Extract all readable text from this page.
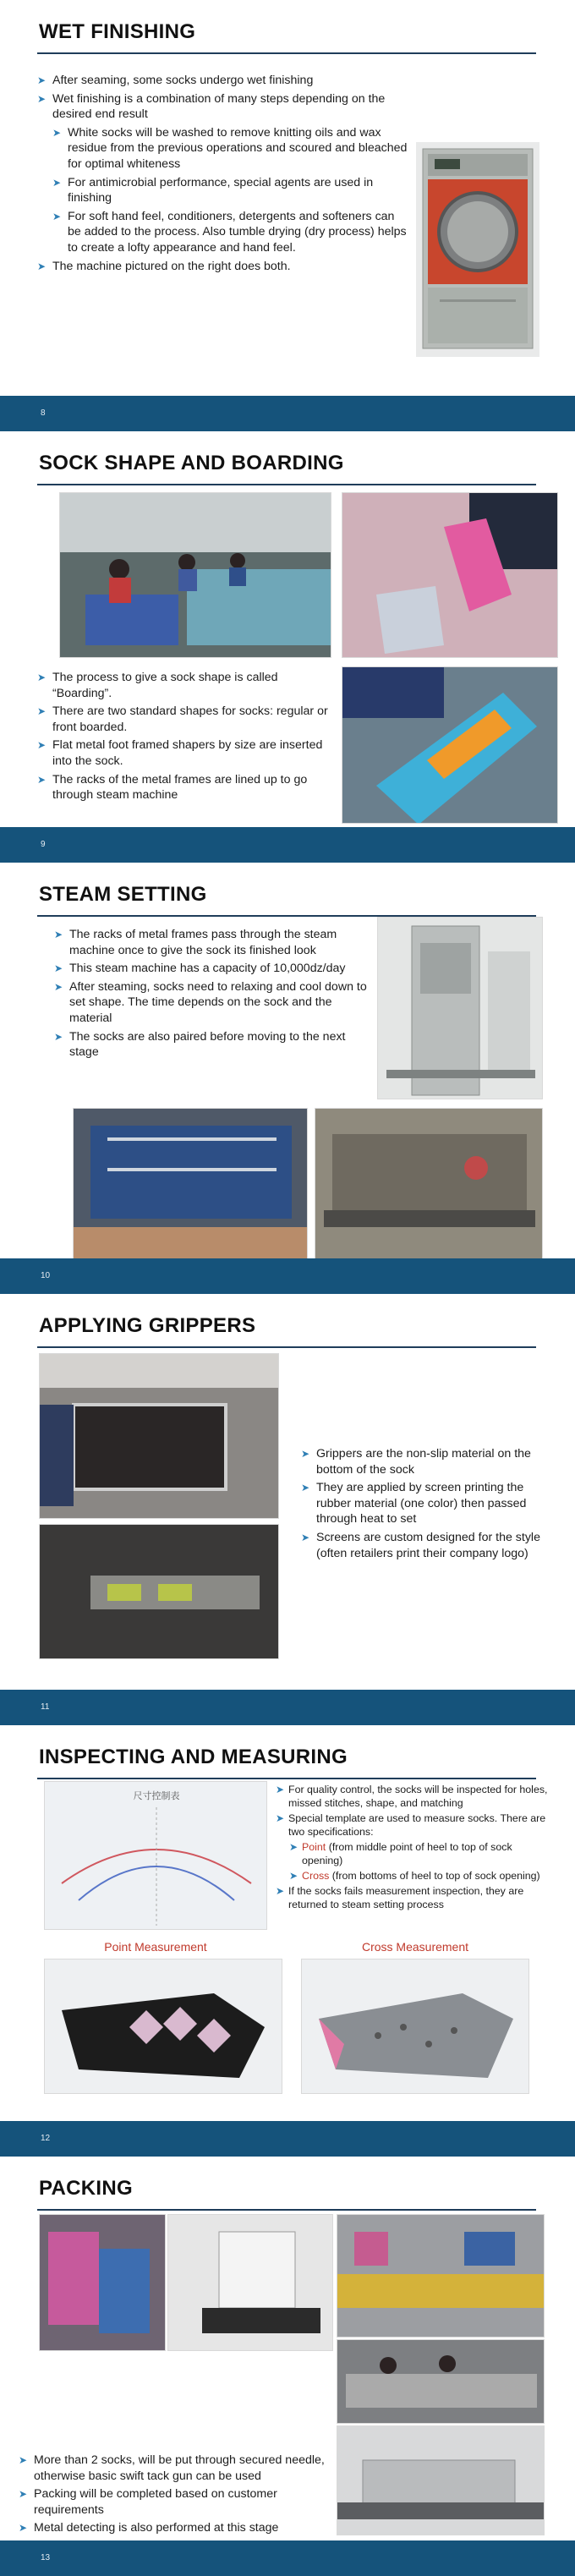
WET FINISHING
➤ After seaming, some socks undergo wet finishing
➤ Wet finishing is a combination of many steps depending on the desired end result
➤ White socks will be washed to remove knitting oils and wax residue from the previous operations and scoured and bleached for optimal whiteness
➤ For antimicrobial performance, special agents are used in finishing
➤ For soft hand feel, conditioners, detergents and softeners can be added to the process. Also tumble drying (dry process) helps to create a lofty appearance and hand feel.
➤ The machine pictured on the right does both.
8
SOCK SHAPE AND BOARDING
➤ The process to give a sock shape is called “Boarding”.
➤ There are two standard shapes for socks: regular or front boarded.
➤ Flat metal foot framed shapers by size are inserted into the sock.
➤ The racks of the metal frames are lined up to go through steam machine
9
STEAM SETTING
➤ The racks of metal frames pass through the steam machine once to give the sock its finished look
➤ This steam machine has a capacity of 10,000dz/day
➤ After steaming, socks need to relaxing and cool down to set shape. The time depends on the sock and the material
➤ The socks are also paired before moving to the next stage
10
APPLYING GRIPPERS
➤ Grippers are the non-slip material on the bottom of the sock
➤ They are applied by screen printing the rubber material (one color) then passed through heat to set
➤ Screens are custom designed for the style (often retailers print their company logo)
11
INSPECTING AND MEASURING
尺寸控制表
➤ For quality control, the socks will be inspected for holes, missed stitches, shape, and matching
➤ Special template are used to measure socks. There are two specifications:
➤ Point (from middle point of heel to top of sock opening)
➤ Cross (from bottoms of heel to top of sock opening)
➤ If the socks fails measurement inspection, they are returned to steam setting process
Point Measurement	Cross Measurement
12
PACKING
➤ More than 2 socks, will be put through secured needle, otherwise basic swift tack gun can be used
➤ Packing will be completed based on customer requirements
➤ Metal detecting is also performed at this stage
13
